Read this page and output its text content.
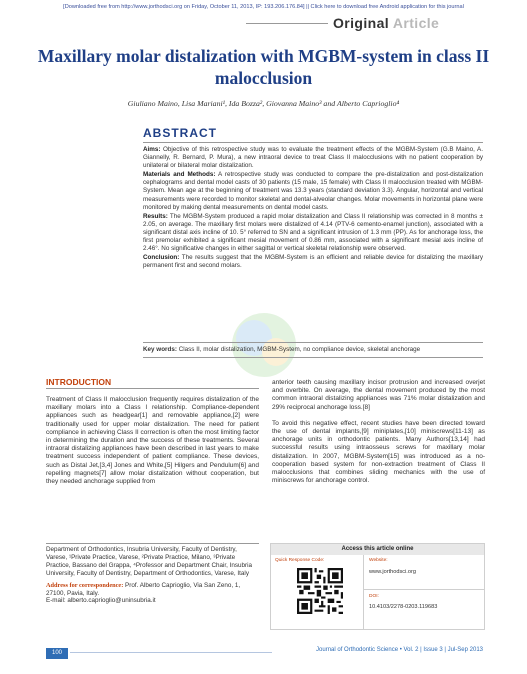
[Downloaded free from http://www.jorthodsci.org on Friday, October 11, 2013, IP: 193.206.176.84] || Click here to download free Android application for this journal
Original Article
Maxillary molar distalization with MGBM-system in class II malocclusion
Giuliano Maino, Lisa Mariani¹, Ida Bozza², Giovanna Maino³ and Alberto Caprioglio⁴
ABSTRACT

Aims: Objective of this retrospective study was to evaluate the treatment effects of the MGBM-System (G.B Maino, A. Giannelly, R. Bernard, P. Mura), a new intraoral device to treat Class II malocclusions with no patient cooperation by unilateral or bilateral molar distalization.

Materials and Methods: A retrospective study was conducted to compare the pre-distalization and post-distalization cephalograms and dental model casts of 30 patients (15 male, 15 female) with Class II malocclusion treated with MGBM-System. Mean age at the beginning of treatment was 13.3 years (standard deviation 3.3). Angular, horizontal and vertical measurements were recorded to monitor skeletal and dental-alveolar changes. Molar movements in horizontal plane were monitored by making dental measurements on dental model casts.

Results: The MGBM-System produced a rapid molar distalization and Class II relationship was corrected in 8 months ± 2.05, on average. The maxillary first molars were distalized of 4.14 (PTV-6 cemento-enamel junction), associated with a significant distal axis incline of 10. 5° referred to SN and a significant intrusion of 1.3 mm (PP). As for anchorage loss, the first premolar exhibited a significant mesial movement of 0.86 mm, associated with a significant mesial axis incline of 2.46°. No significative changes in either sagittal or vertical skeletal relationship were observed.

Conclusion: The results suggest that the MGBM-System is an efficient and reliable device for distalizing the maxillary permanent first and second molars.

Key words: Class II, molar distalization, MGBM-System, no compliance device, skeletal anchorage
INTRODUCTION

Treatment of Class II malocclusion frequently requires distalization of the maxillary molars into a Class I relationship. Compliance-dependent appliances such as headgear[1] and removable appliance,[2] were traditionally used for upper molar distalization. The need for patient compliance in achieving Class II correction is often the most limiting factor in determining the duration and the success of these treatments. Several intraoral distalizing appliances have been described in last years to make treatment success independent of patient compliance. These devices, such as Distal Jet,[3,4] Jones and White,[5] Hilgers and Pendulum[6] and repelling magnets[7] allow molar distalization without cooperation, but they needed anchorage supplied from

anterior teeth causing maxillary incisor protrusion and increased overjet and overbite. On average, the dental movement produced by the most common intraoral distalizing appliances was 71% molar distalization and 29% reciprocal anchorage loss.[8]

To avoid this negative effect, recent studies have been directed toward the use of dental implants,[9] miniplates,[10] miniscrews[11-13] as anchorage units in orthodontic patients. Many Authors[13,14] had successful results using intraosseus screws for maxillary molar distalization. In 2007, MGBM-System[15] was introduced as a no-cooperation based system for non-extraction treatment of Class II malocclusions that combines sliding mechanics with the use of miniscrews for anchorage control.

Department of Orthodontics, Insubria University, Faculty of Dentistry, Varese, ¹Private Practice, Varese, ²Private Practice, Milano, ³Private Practice, Bassano del Grappa, ⁴Professor and Department Chair, Insubria University, Faculty of Dentistry, Department of Orthodontics, Varese, Italy

Address for correspondence: Prof. Alberto Caprioglio, Via San Zeno, 1, 27100, Pavia, Italy.

E-mail: alberto.caprioglio@uninsubria.it

Access this article online
Quick Response Code:	Website:
www.jorthodsci.org
DOI:
10.4103/2278-0203.119683
100	Journal of Orthodontic Science • Vol. 2 | Issue 3 | Jul-Sep 2013
